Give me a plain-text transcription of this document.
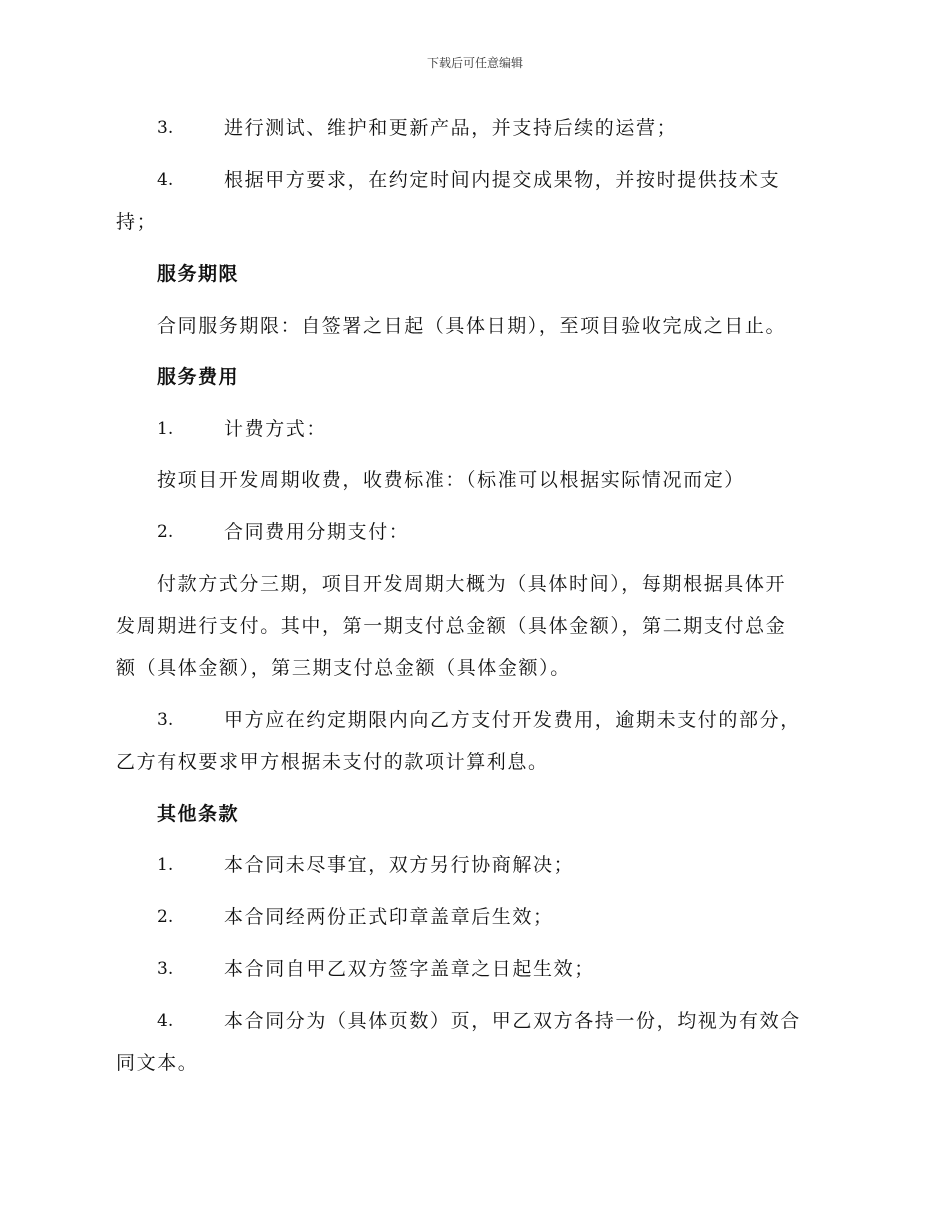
下载后可任意编辑
3.	进行测试、维护和更新产品，并支持后续的运营；
4.	根据甲方要求，在约定时间内提交成果物，并按时提供技术支
持；
服务期限
合同服务期限：自签署之日起（具体日期），至项目验收完成之日止。
服务费用
1.	计费方式：
按项目开发周期收费，收费标准：（标准可以根据实际情况而定）
2.	合同费用分期支付：
付款方式分三期，项目开发周期大概为（具体时间），每期根据具体开
发周期进行支付。其中，第一期支付总金额（具体金额），第二期支付总金
额（具体金额），第三期支付总金额（具体金额）。
3.	甲方应在约定期限内向乙方支付开发费用，逾期未支付的部分，
乙方有权要求甲方根据未支付的款项计算利息。
其他条款
1.	本合同未尽事宜，双方另行协商解决；
2.	本合同经两份正式印章盖章后生效；
3.	本合同自甲乙双方签字盖章之日起生效；
4.	本合同分为（具体页数）页，甲乙双方各持一份，均视为有效合
同文本。
